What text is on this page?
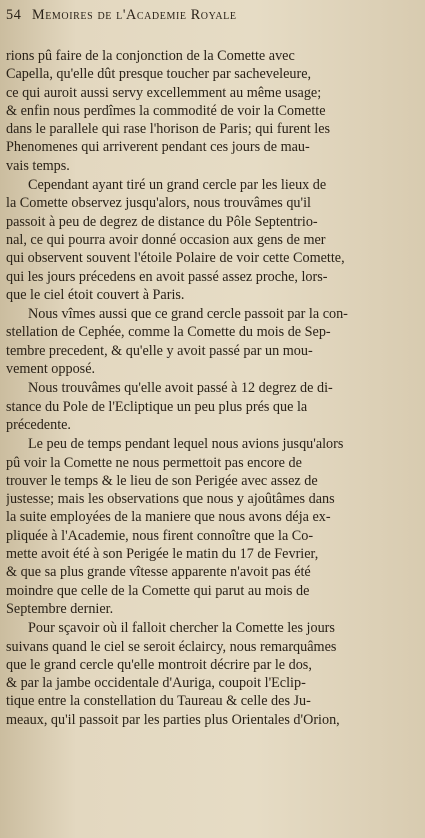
54 Memoires de l'Academie Royale
rions pû faire de la conjonction de la Comette avec
Capella, qu'elle dût presque toucher par sacheveleure,
ce qui auroit aussi servy excellemment au même usage;
& enfin nous perdîmes la commodité de voir la Comette
dans le parallele qui rase l'horison de Paris; qui furent les
Phenomenes qui arriverent pendant ces jours de mau-
vais temps.
Cependant ayant tiré un grand cercle par les lieux de
la Comette observez jusqu'alors, nous trouvâmes qu'il
passoit à peu de degrez de distance du Pôle Septentrio-
nal, ce qui pourra avoir donné occasion aux gens de mer
qui observent souvent l'étoile Polaire de voir cette Comette,
qui les jours précedens en avoit passé assez proche, lors-
que le ciel étoit couvert à Paris.
Nous vîmes aussi que ce grand cercle passoit par la con-
stellation de Cephée, comme la Comette du mois de Sep-
tembre precedent, & qu'elle y avoit passé par un mou-
vement opposé.
Nous trouvâmes qu'elle avoit passé à 12 degrez de di-
stance du Pole de l'Ecliptique un peu plus prés que la
précedente.
Le peu de temps pendant lequel nous avions jusqu'alors
pû voir la Comette ne nous permettoit pas encore de
trouver le temps & le lieu de son Perigée avec assez de
justesse; mais les observations que nous y ajoûtâmes dans
la suite employées de la maniere que nous avons déja ex-
pliquée à l'Academie, nous firent connoître que la Co-
mette avoit été à son Perigée le matin du 17 de Fevrier,
& que sa plus grande vîtesse apparente n'avoit pas été
moindre que celle de la Comette qui parut au mois de
Septembre dernier.
Pour sçavoir où il falloit chercher la Comette les jours
suivans quand le ciel se seroit éclaircy, nous remarquâmes
que le grand cercle qu'elle montroit décrire par le dos,
& par la jambe occidentale d'Auriga, coupoit l'Eclip-
tique entre la constellation du Taureau & celle des Ju-
meaux, qu'il passoit par les parties plus Orientales d'Orion,
